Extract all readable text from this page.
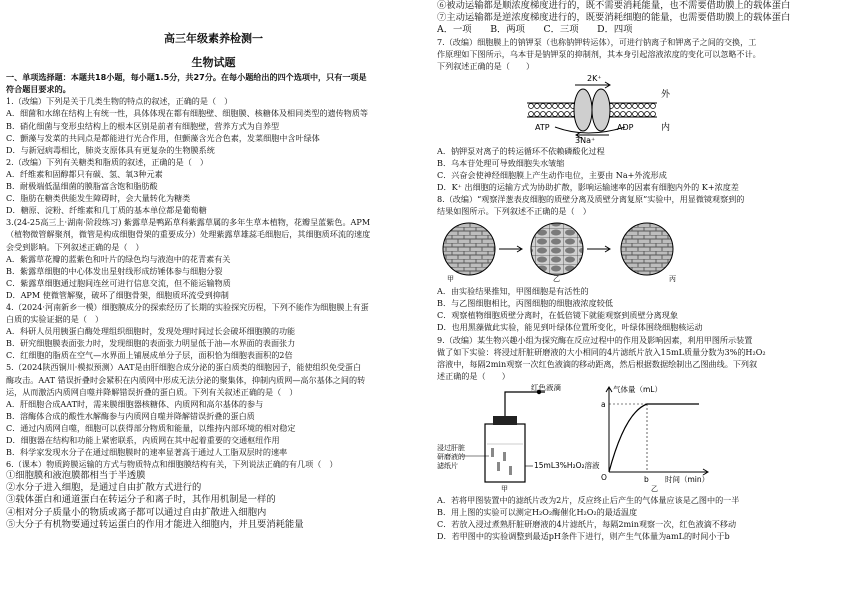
高三年级素养检测一
生物试题

一、单项选择题：本题共18小题，每小题1.5分，共27分。在每小题给出的四个选项中，只有一项是

符合题目要求的。

1.（改编）下列是关于几类生物的特点的叙述，正确的是（　）

A．细菌和水绵在结构上有统一性，具体体现在都有细胞壁、细胞膜、核糖体及相同类型的遗传物质等

B．硝化细菌与变形虫结构上的根本区别是前者有细胞壁，营养方式为自养型

C．颤藻与发菜的共同点是都能进行光合作用，但颤藻含光合色素，发菜细胞中含叶绿体

D．与新冠病毒相比，肺炎支原体具有更复杂的生物膜系统

2.（改编）下列有关糖类和脂质的叙述，正确的是（　）

A．纤维素和固醇都只有碳、氢、氧3种元素

B．耐极端低温细菌的膜脂富含饱和脂肪酸

C．脂肪在糖类供能发生障碍时，会大量转化为糖类

D．糖原、淀粉、纤维素和几丁质的基本单位都是葡萄糖

3.(24-25高三上·湖南·阶段练习) 紫露草是鸭跖草科紫露草属的多年生草本植物，花瓣呈蓝紫色。APM

（植物微管解聚剂，微管是构成细胞骨架的重要成分）处理紫露草雄蕊毛细胞后，其细胞质环流的速度

会受到影响。下列叙述正确的是（　）

A．紫露草花瓣的蓝紫色和叶片的绿色均与液泡中的花青素有关

B．紫露草细胞的中心体发出星射线形成纺锤体参与细胞分裂

C．紫露草细胞通过胞间连丝可进行信息交流，但不能运输物质

D．APM 使微管解聚，破坏了细胞骨架，细胞质环流受到抑制

4.（2024·河南新乡一模）细胞膜成分的探索经历了长期的实验探究历程，下列不能作为细胞膜上有蛋

白质的实验证据的是（　）

A．科研人员用胰蛋白酶处理组织细胞时，发现处理时间过长会破坏细胞膜的功能

B．研究细胞膜表面张力时，发现细胞的表面张力明显低于油—水界面的表面张力

C．红细胞的脂质在空气—水界面上铺展成单分子层，面积恰为细胞表面积的2倍

5.（2024陕西铜川·模拟预测）AAT是由肝细胞合成分泌的蛋白质类的细胞因子，能使组织免受蛋白

酶攻击。AAT 错误折叠时会紧积在内质网中形成无法分泌的聚集体，抑制内质网—高尔基体之间的转

运，从而激活内质网自噬并降解错误折叠的蛋白质。下列有关叙述正确的是（　）

A．肝细胞合成AAT时，需来膜细胞器核糖体、内质网和高尔基体的参与

B．溶酶体合成的酸性水解酶参与内质网自噬并降解错误折叠的蛋白质

C．通过内质网自噬，细胞可以获得部分物质和能量，以维持内部环境的相对稳定

D．细胞器在结构和功能上紧密联系，内质网在其中起着重要的交通枢纽作用

B．科学家发现水分子在通过细胞膜时的速率显著高于通过人工脂双层时的速率

6.（课本）物质跨膜运输的方式与物质特点和细胞膜结构有关，下列说法正确的有几项（　）

①细胞膜和液泡膜都相当于半透膜

②水分子进入细胞，是通过自由扩散方式进行的

③载体蛋白和通道蛋白在转运分子和离子时，其作用机制是一样的

④相对分子质量小的物质或离子都可以通过自由扩散进入细胞内

⑤大分子有机物要通过转运蛋白的作用才能进入细胞内，并且要消耗能量

⑥被动运输都是顺浓度梯度进行的，既不需要消耗能量，也不需要借助膜上的载体蛋白

⑦主动运输都是逆浓度梯度进行的，既要消耗细胞的能量，也需要借助膜上的载体蛋白

A．一项　　B．两项　　C．三项　　D．四项

7.（改编）细胞膜上的钠钾泵（也称钠钾转运体），可进行钠离子和钾离子之间的交换，工

作原理如下图所示，乌本苷是钠钾泵的抑制剂，其本身引起溶液浓度的变化可以忽略不计。

下列叙述正确的是（　　）

2K⁺
3Na⁺
ATP	ADP
外
内

A．钠钾泵对离子的转运循环不依赖磷酸化过程

B．乌本苷处理可导致细胞失水皱缩

C．兴奋会使神经细胞膜上产生动作电位，主要由 Na+外流形成

D．K⁺ 出细胞的运输方式为协助扩散，影响运输速率的因素有细胞内外的 K+浓度差

8.（改编）“观察洋葱表皮细胞的质壁分离及质壁分离复原”实验中，用显微镜观察到的

结果如图所示。下列叙述不正确的是（　）

甲	乙	丙

A．由实验结果推知，甲图细胞是有活性的

B．与乙图细胞相比，丙图细胞的细胞液浓度较低

C．观察植物细胞质壁分离时，在低倍镜下就能观察到质壁分离现象

D．也用黑藻做此实验，能见到叶绿体位置所变化，叶绿体围绕细胞核运动

9.（改编）某生物兴趣小组为探究酶在反应过程中的作用及影响因素，利用甲图所示装置

做了如下实验：将浸过肝脏研磨液的大小相同的4片滤纸片放入15mL质量分数为3%的H₂O₂

溶液中，每隔2min观察一次红色液滴的移动距离，然后根据数据绘制出乙图曲线。下列叙

述正确的是（　　）

红色液滴
浸过肝脏
研磨液的
滤纸片	15mL3%H₂O₂溶液
甲
气体量（mL）
时间（min）
a
b
O
乙

A．若将甲图装置中的滤纸片改为2片，反应终止后产生的气体量应该是乙图中的一半

B．用上图的实验可以测定H₂O₂酶催化H₂O₂的最适温度

C．若放入浸过煮熟肝脏研磨液的4片滤纸片，每隔2min观察一次，红色液滴不移动

D．若甲图中的实验调整到最适pH条件下进行，则产生气体量为amL的时间小于b
